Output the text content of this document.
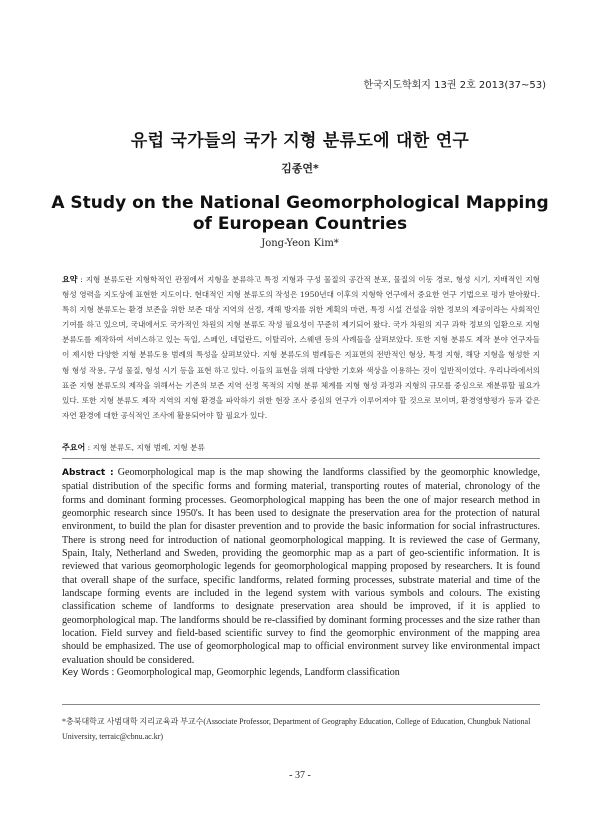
한국지도학회지 13권 2호 2013(37~53)
유럽 국가들의 국가 지형 분류도에 대한 연구
김종연*
A Study on the National Geomorphological Mapping
of European Countries
Jong-Yeon Kim*
요약 : 지형 분류도란 지형학적인 관점에서 지형을 분류하고 특정 지형과 구성 물질의 공간적 분포, 물질의 이동 경로, 형성 시기, 지배적인 지형 형성 영력을 지도상에 표현한 지도이다. 현대적인 지형 분류도의 작성은 1950년대 이후의 지형학 연구에서 중요한 연구 기법으로 평가 받아왔다. 특히 지형 분류도는 환경 보존을 위한 보존 대상 지역의 선정, 재해 방지를 위한 계획의 마련, 특정 시설 건설을 위한 정보의 제공이라는 사회적인 기여를 하고 있으며, 국내에서도 국가적인 차원의 지형 분류도 작성 필요성이 꾸준히 제기되어 왔다. 국가 차원의 지구 과학 정보의 일환으로 지형 분류도를 제작하여 서비스하고 있는 독일, 스페인, 네덜란드, 이탈리아, 스웨덴 등의 사례들을 살펴보았다. 또한 지형 분류도 제작 분야 연구자들이 제시한 다양한 지형 분류도용 범례의 특성을 살펴보았다. 지형 분류도의 범례들은 지표면의 전반적인 형상, 특정 지형, 해당 지형을 형성한 지형 형성 작용, 구성 물질, 형성 시기 등을 표현 하고 있다. 이들의 표현을 위해 다양한 기호와 색상을 이용하는 것이 일반적이었다. 우리나라에서의 표준 지형 분류도의 제작을 위해서는 기존의 보존 지역 선정 목적의 지형 분류 체계를 지형 형성 과정과 지형의 규모를 중심으로 재분류할 필요가 있다. 또한 지형 분류도 제작 지역의 지형 환경을 파악하기 위한 현장 조사 중심의 연구가 이루어져야 할 것으로 보이며, 환경영향평가 등과 같은 자연 환경에 대한 공식적인 조사에 활용되어야 할 필요가 있다.
주요어 : 지형 분류도, 지형 범례, 지형 분류
Abstract : Geomorphological map is the map showing the landforms classified by the geomorphic knowledge, spatial distribution of the specific forms and forming material, transporting routes of material, chronology of the forms and dominant forming processes. Geomorphological mapping has been the one of major research method in geomorphic research since 1950's. It has been used to designate the preservation area for the protection of natural environment, to build the plan for disaster prevention and to provide the basic information for social infrastructures. There is strong need for introduction of national geomorphological mapping. It is reviewed the case of Germany, Spain, Italy, Netherland and Sweden, providing the geomorphic map as a part of geo-scientific information. It is reviewed that various geomorphologic legends for geomorphological mapping proposed by researchers. It is found that overall shape of the surface, specific landforms, related forming processes, substrate material and time of the landscape forming events are included in the legend system with various symbols and colours. The existing classification scheme of landforms to designate preservation area should be improved, if it is applied to geomorphological map. The landforms should be re-classified by dominant forming processes and the size rather than location. Field survey and field-based scientific survey to find the geomorphic environment of the mapping area should be emphasized. The use of geomorphological map to official environment survey like environmental impact evaluation should be considered.
Key Words : Geomorphological map, Geomorphic legends, Landform classification
*충북대학교 사범대학 지리교육과 부교수(Associate Professor, Department of Geography Education, College of Education, Chungbuk National University, terraic@cbnu.ac.kr)
- 37 -
